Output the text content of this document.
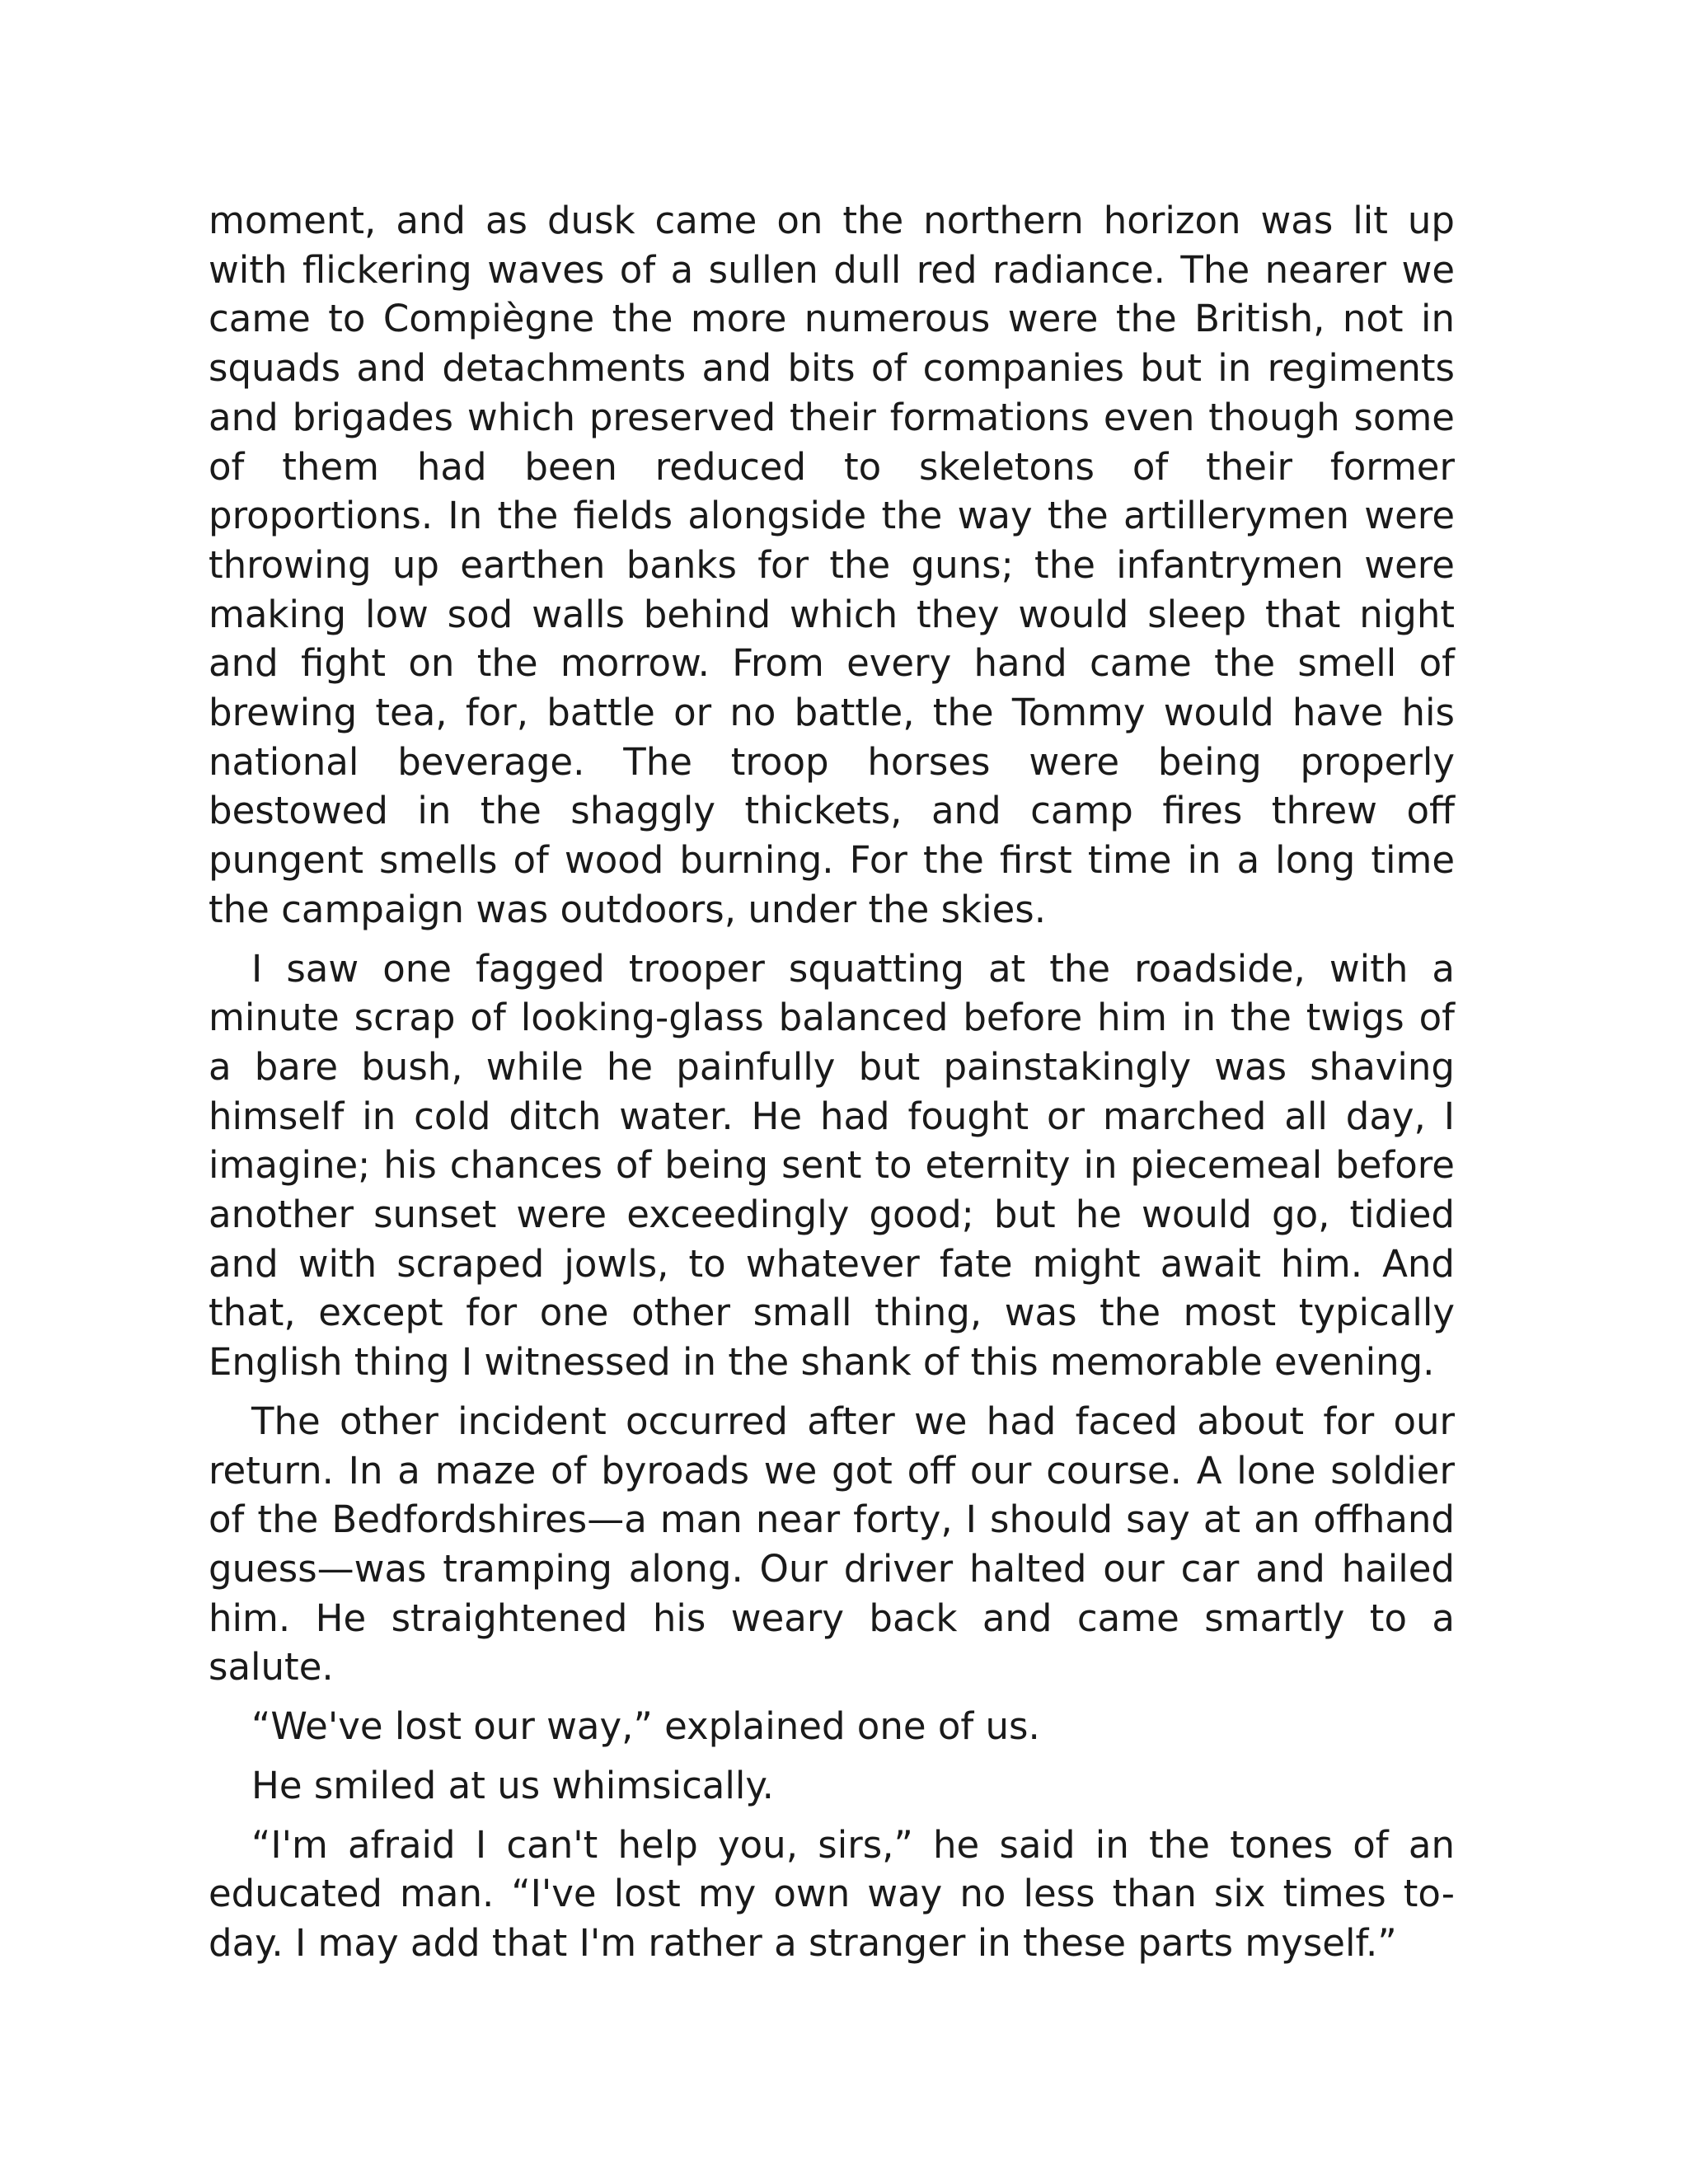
moment, and as dusk came on the northern horizon was lit up with flickering waves of a sullen dull red radiance. The nearer we came to Compiègne the more numerous were the British, not in squads and detachments and bits of companies but in regiments and brigades which preserved their formations even though some of them had been reduced to skeletons of their former proportions. In the fields alongside the way the artillerymen were throwing up earthen banks for the guns; the infantrymen were making low sod walls behind which they would sleep that night and fight on the morrow. From every hand came the smell of brewing tea, for, battle or no battle, the Tommy would have his national beverage. The troop horses were being properly bestowed in the shaggly thickets, and camp fires threw off pungent smells of wood burning. For the first time in a long time the campaign was outdoors, under the skies.

I saw one fagged trooper squatting at the roadside, with a minute scrap of looking-glass balanced before him in the twigs of a bare bush, while he painfully but painstakingly was shaving himself in cold ditch water. He had fought or marched all day, I imagine; his chances of being sent to eternity in piecemeal before another sunset were exceedingly good; but he would go, tidied and with scraped jowls, to whatever fate might await him. And that, except for one other small thing, was the most typically English thing I witnessed in the shank of this memorable evening.

The other incident occurred after we had faced about for our return. In a maze of byroads we got off our course. A lone soldier of the Bedfordshires—a man near forty, I should say at an offhand guess—was tramping along. Our driver halted our car and hailed him. He straightened his weary back and came smartly to a salute.

“We've lost our way,” explained one of us.

He smiled at us whimsically.

“I'm afraid I can't help you, sirs,” he said in the tones of an educated man. “I've lost my own way no less than six times to-day. I may add that I'm rather a stranger in these parts myself.”
